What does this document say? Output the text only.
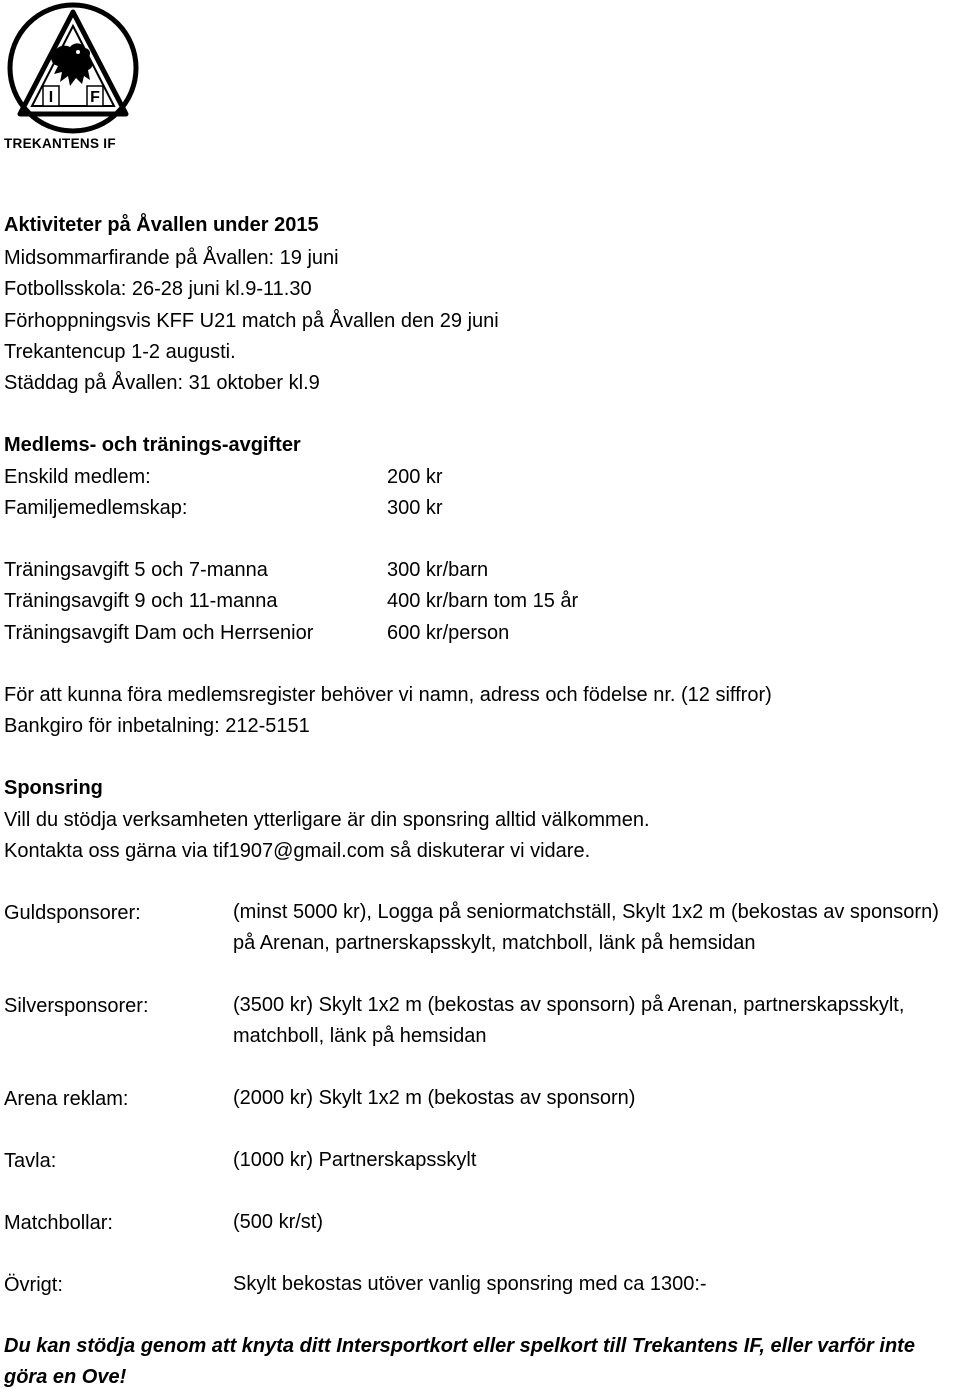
I F
TREKANTENS IF
Aktiviteter på Åvallen under 2015
Midsommarfirande på Åvallen: 19 juni
Fotbollsskola: 26-28 juni kl.9-11.30
Förhoppningsvis KFF U21 match på Åvallen den 29 juni
Trekantencup 1-2 augusti.
Städdag på Åvallen: 31 oktober kl.9
Medlems- och tränings-avgifter
Enskild medlem:	200 kr
Familjemedlemskap:	300 kr
Träningsavgift 5 och 7-manna	300 kr/barn
Träningsavgift 9 och 11-manna	400 kr/barn tom 15 år
Träningsavgift Dam och Herrsenior	600 kr/person
För att kunna föra medlemsregister behöver vi namn, adress och födelse nr. (12 siffror)
Bankgiro för inbetalning: 212-5151
Sponsring
Vill du stödja verksamheten ytterligare är din sponsring alltid välkommen.
Kontakta oss gärna via tif1907@gmail.com så diskuterar vi vidare.
Guldsponsorer:	(minst 5000 kr), Logga på seniormatchställ, Skylt 1x2 m (bekostas av sponsorn) på Arenan, partnerskapsskylt, matchboll, länk på hemsidan
Silversponsorer:	(3500 kr) Skylt 1x2 m (bekostas av sponsorn) på Arenan, partnerskapsskylt, matchboll, länk på hemsidan
Arena reklam:	(2000 kr) Skylt 1x2 m (bekostas av sponsorn)
Tavla:	(1000 kr) Partnerskapsskylt
Matchbollar:	(500 kr/st)
Övrigt:	Skylt bekostas utöver vanlig sponsring med ca 1300:-
Du kan stödja genom att knyta ditt Intersportkort eller spelkort till Trekantens IF, eller varför inte göra en Ove!
